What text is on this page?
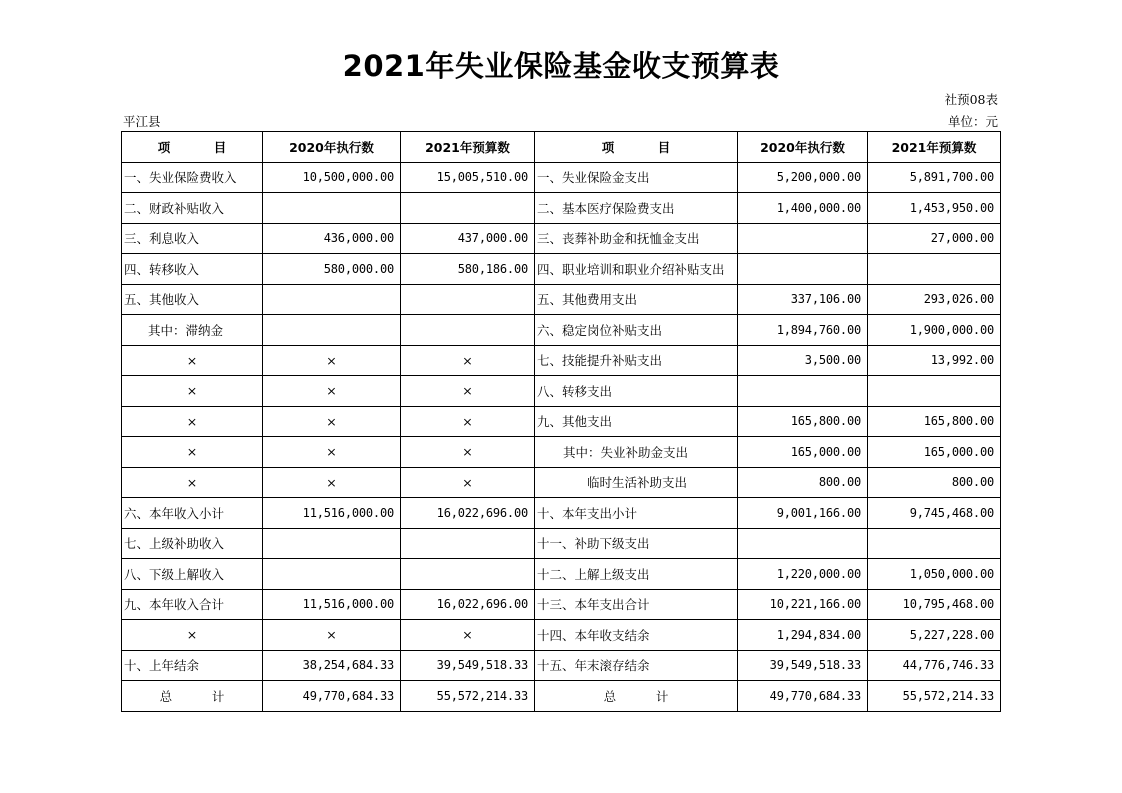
2021年失业保险基金收支预算表
社预08表
平江县	单位：元
项          目	2020年执行数	2021年预算数	项          目	2020年执行数	2021年预算数
一、失业保险费收入	10,500,000.00	15,005,510.00	一、失业保险金支出	5,200,000.00	5,891,700.00
二、财政补贴收入			二、基本医疗保险费支出	1,400,000.00	1,453,950.00
三、利息收入	436,000.00	437,000.00	三、丧葬补助金和抚恤金支出		27,000.00
四、转移收入	580,000.00	580,186.00	四、职业培训和职业介绍补贴支出		
五、其他收入			五、其他费用支出	337,106.00	293,026.00
其中：滞纳金			六、稳定岗位补贴支出	1,894,760.00	1,900,000.00
×	×	×	七、技能提升补贴支出	3,500.00	13,992.00
×	×	×	八、转移支出		
×	×	×	九、其他支出	165,800.00	165,800.00
×	×	×	其中：失业补助金支出	165,000.00	165,000.00
×	×	×	临时生活补助支出	800.00	800.00
六、本年收入小计	11,516,000.00	16,022,696.00	十、本年支出小计	9,001,166.00	9,745,468.00
七、上级补助收入			十一、补助下级支出		
八、下级上解收入			十二、上解上级支出	1,220,000.00	1,050,000.00
九、本年收入合计	11,516,000.00	16,022,696.00	十三、本年支出合计	10,221,166.00	10,795,468.00
×	×	×	十四、本年收支结余	1,294,834.00	5,227,228.00
十、上年结余	38,254,684.33	39,549,518.33	十五、年末滚存结余	39,549,518.33	44,776,746.33
总          计	49,770,684.33	55,572,214.33	总          计	49,770,684.33	55,572,214.33
